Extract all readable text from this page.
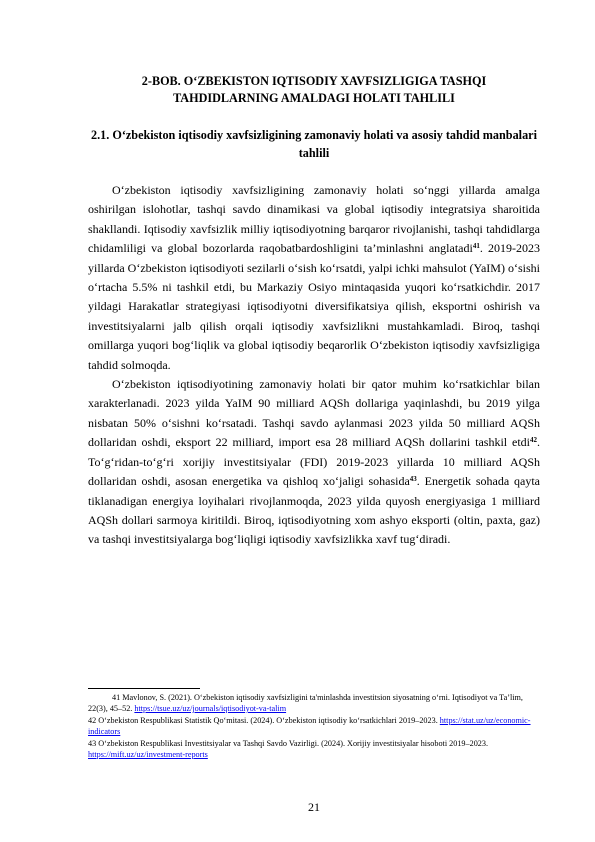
2-BOB. O‘ZBEKISTON IQTISODIY XAVFSIZLIGIGA TASHQI TAHDIDLARNING AMALDAGI HOLATI TAHLILI
2.1. O‘zbekiston iqtisodiy xavfsizligining zamonaviy holati va asosiy tahdid manbalari tahlili

O‘zbekiston iqtisodiy xavfsizligining zamonaviy holati so‘nggi yillarda amalga oshirilgan islohotlar, tashqi savdo dinamikasi va global iqtisodiy integratsiya sharoitida shakllandi. Iqtisodiy xavfsizlik milliy iqtisodiyotning barqaror rivojlanishi, tashqi tahdidlarga chidamliligi va global bozorlarda raqobatbardoshligini ta’minlashni anglatadi$^{41}$. 2019-2023 yillarda O‘zbekiston iqtisodiyoti sezilarli o‘sish ko‘rsatdi, yalpi ichki mahsulot (YaIM) o‘sishi o‘rtacha 5.5% ni tashkil etdi, bu Markaziy Osiyo mintaqasida yuqori ko‘rsatkichdir. 2017 yildagi Harakatlar strategiyasi iqtisodiyotni diversifikatsiya qilish, eksportni oshirish va investitsiyalarni jalb qilish orqali iqtisodiy xavfsizlikni mustahkamladi. Biroq, tashqi omillarga yuqori bog‘liqlik va global iqtisodiy beqarorlik O‘zbekiston iqtisodiy xavfsizligiga tahdid solmoqda.

O‘zbekiston iqtisodiyotining zamonaviy holati bir qator muhim ko‘rsatkichlar bilan xarakterlanadi. 2023 yilda YaIM 90 milliard AQSh dollariga yaqinlashdi, bu 2019 yilga nisbatan 50% o‘sishni ko‘rsatadi. Tashqi savdo aylanmasi 2023 yilda 50 milliard AQSh dollaridan oshdi, eksport 22 milliard, import esa 28 milliard AQSh dollarini tashkil etdi$^{42}$. To‘g‘ridan-to‘g‘ri xorijiy investitsiyalar (FDI) 2019-2023 yillarda 10 milliard AQSh dollaridan oshdi, asosan energetika va qishloq xo‘jaligi sohasida$^{43}$. Energetik sohada qayta tiklanadigan energiya loyihalari rivojlanmoqda, 2023 yilda quyosh energiyasiga 1 milliard AQSh dollari sarmoya kiritildi. Biroq, iqtisodiyotning xom ashyo eksporti (oltin, paxta, gaz) va tashqi investitsiyalarga bog‘liqligi iqtisodiy xavfsizlikka xavf tug‘diradi.

41 Mavlonov, S. (2021). O‘zbekiston iqtisodiy xavfsizligini ta'minlashda investitsion siyosatning o‘rni. Iqtisodiyot va Ta’lim, 22(3), 45–52. https://tsue.uz/uz/journals/iqtisodiyot-va-talim
42 O‘zbekiston Respublikasi Statistik Qo‘mitasi. (2024). O‘zbekiston iqtisodiy ko‘rsatkichlari 2019–2023. https://stat.uz/uz/economic-indicators
43 O‘zbekiston Respublikasi Investitsiyalar va Tashqi Savdo Vazirligi. (2024). Xorijiy investitsiyalar hisoboti 2019–2023. https://mift.uz/uz/investment-reports
21
